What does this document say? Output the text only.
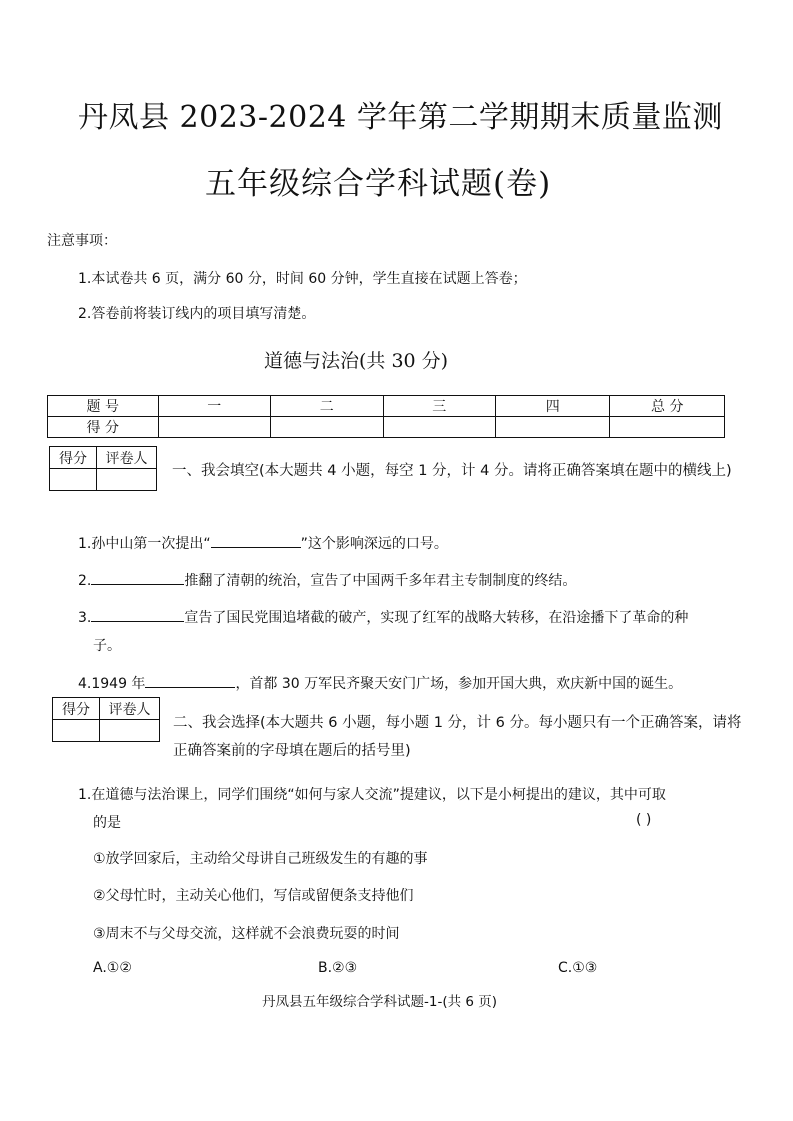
丹凤县 2023-2024 学年第二学期期末质量监测
五年级综合学科试题(卷)
注意事项：
1.本试卷共 6 页，满分 60 分，时间 60 分钟，学生直接在试题上答卷；
2.答卷前将装订线内的项目填写清楚。
道德与法治(共 30 分)
题 号	一	二	三	四	总 分
得 分					
得分	评卷人

一、我会填空(本大题共 4 小题，每空 1 分，计 4 分。请将正确答案填在题中的横线上)
1.孙中山第一次提出“	”这个影响深远的口号。
2.	推翻了清朝的统治，宣告了中国两千多年君主专制制度的终结。
3.	宣告了国民党围追堵截的破产，实现了红军的战略大转移，在沿途播下了革命的种
子。
4.1949 年	，首都 30 万军民齐聚天安门广场，参加开国大典，欢庆新中国的诞生。
得分	评卷人

二、我会选择(本大题共 6 小题，每小题 1 分，计 6 分。每小题只有一个正确答案，请将正确答案前的字母填在题后的括号里)
1.在道德与法治课上，同学们围绕“如何与家人交流”提建议，以下是小柯提出的建议，其中可取
的是	( )
①放学回家后，主动给父母讲自己班级发生的有趣的事
②父母忙时，主动关心他们，写信或留便条支持他们
③周末不与父母交流，这样就不会浪费玩耍的时间
A.①②	B.②③	C.①③
丹凤县五年级综合学科试题-1-(共 6 页)
